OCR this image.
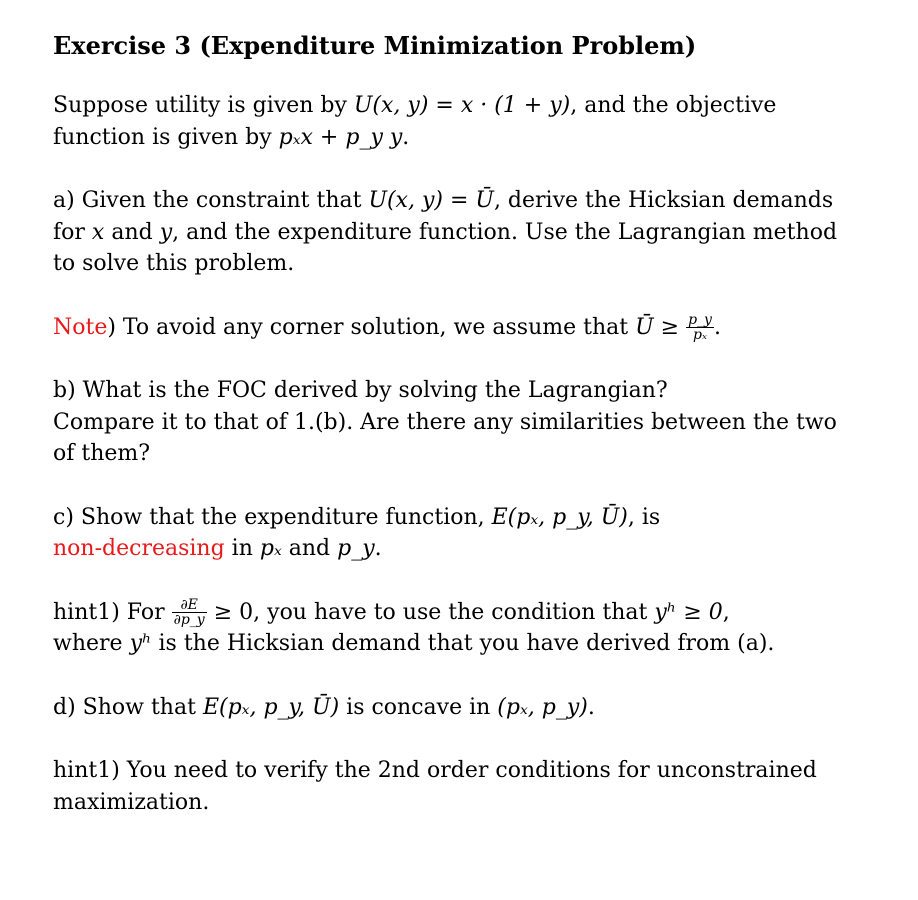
Exercise 3 (Expenditure Minimization Problem)
Suppose utility is given by U(x, y) = x · (1 + y), and the objective
function is given by pₓx + p_y y.
a) Given the constraint that U(x, y) = Ū, derive the Hicksian demands
for x and y, and the expenditure function. Use the Lagrangian method
to solve this problem.
Note) To avoid any corner solution, we assume that Ū ≥ $\frac{p\_y}{\text{pₓ}}$ .
b) What is the FOC derived by solving the Lagrangian?
Compare it to that of 1.(b). Are there any similarities between the two
of them?
c) Show that the expenditure function, E(pₓ, p_y, Ū), is
non-decreasing in pₓ and p_y.
hint1) For $\frac{\partial E}{\partial p\_y} \ge 0$, you have to use the condition that yʰ ≥ 0,
where yʰ is the Hicksian demand that you have derived from (a).
d) Show that E(pₓ, p_y, Ū) is concave in (pₓ, p_y).
hint1) You need to verify the 2nd order conditions for unconstrained
maximization.
